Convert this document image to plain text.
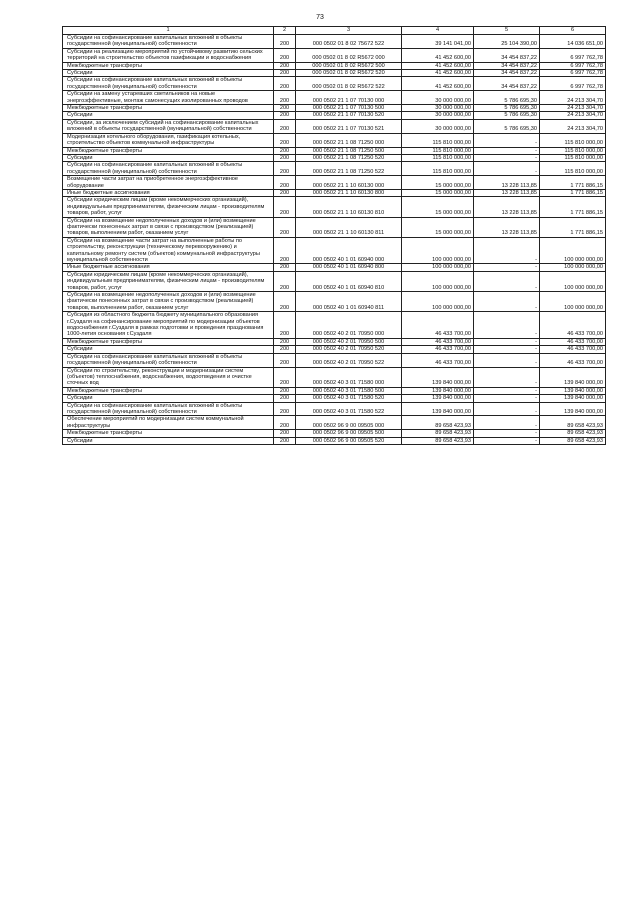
73
1	2	3	4	5	6
Субсидии на софинансирование капитальных вложений в объекты государственной (муниципальной) собственности	200	000 0502 01 8 02 75672 522	39 141 041,00	25 104 390,00	14 036 651,00
Субсидии на реализацию мероприятий по устойчивому развитию сельских территорий на строительство объектов газификации и водоснабжения	200	000 0502 01 8 02 R5672 000	41 452 600,00	34 454 837,22	6 997 762,78
Межбюджетные трансферты	200	000 0502 01 8 02 R5672 500	41 452 600,00	34 454 837,22	6 997 762,78
Субсидии	200	000 0502 01 8 02 R5672 520	41 452 600,00	34 454 837,22	6 997 762,78
Субсидии на софинансирование капитальных вложений в объекты государственной (муниципальной) собственности	200	000 0502 01 8 02 R5672 522	41 452 600,00	34 454 837,22	6 997 762,78
Субсидии на замену устаревших светильников на новые энергоэффективные, монтаж самонесущих изолированных проводов	200	000 0502 21 1 07 70130 000	30 000 000,00	5 786 695,30	24 213 304,70
Межбюджетные трансферты	200	000 0502 21 1 07 70130 500	30 000 000,00	5 786 695,30	24 213 304,70
Субсидии	200	000 0502 21 1 07 70130 520	30 000 000,00	5 786 695,30	24 213 304,70
Субсидии, за исключением субсидий на софинансирование капитальных вложений в объекты государственной (муниципальной) собственности	200	000 0502 21 1 07 70130 521	30 000 000,00	5 786 695,30	24 213 304,70
Модернизация котельного оборудования, газификация котельных, строительство объектов коммунальной инфраструктуры	200	000 0502 21 1 08 71250 000	115 810 000,00	-	115 810 000,00
Межбюджетные трансферты	200	000 0502 21 1 08 71250 500	115 810 000,00	-	115 810 000,00
Субсидии	200	000 0502 21 1 08 71250 520	115 810 000,00	-	115 810 000,00
Субсидии на софинансирование капитальных вложений в объекты государственной (муниципальной) собственности	200	000 0502 21 1 08 71250 522	115 810 000,00	-	115 810 000,00
Возмещение части затрат на приобретенное энергоэффективное оборудование	200	000 0502 21 1 10 60130 000	15 000 000,00	13 228 113,85	1 771 886,15
Иные бюджетные ассигнования	200	000 0502 21 1 10 60130 800	15 000 000,00	13 228 113,85	1 771 886,15
Субсидии юридическим лицам (кроме некоммерческих организаций), индивидуальным предпринимателям, физическим лицам - производителям товаров, работ, услуг	200	000 0502 21 1 10 60130 810	15 000 000,00	13 228 113,85	1 771 886,15
Субсидии на возмещение недополученных доходов и (или) возмещение фактически понесенных затрат в связи с производством (реализацией) товаров, выполнением работ, оказанием услуг	200	000 0502 21 1 10 60130 811	15 000 000,00	13 228 113,85	1 771 886,15
Субсидии на возмещение части затрат на выполненные работы по строительству, реконструкции (техническому перевооружению) и капитальному ремонту систем (объектов) коммунальной инфраструктуры муниципальной собственности	200	000 0502 40 1 01 60940 000	100 000 000,00	-	100 000 000,00
Иные бюджетные ассигнования	200	000 0502 40 1 01 60940 800	100 000 000,00	-	100 000 000,00
Субсидии юридическим лицам (кроме некоммерческих организаций), индивидуальным предпринимателям, физическим лицам - производителям товаров, работ, услуг	200	000 0502 40 1 01 60940 810	100 000 000,00	-	100 000 000,00
Субсидии на возмещение недополученных доходов и (или) возмещение фактически понесенных затрат в связи с производством (реализацией) товаров, выполнением работ, оказанием услуг	200	000 0502 40 1 01 60940 811	100 000 000,00	-	100 000 000,00
Субсидия из областного бюджета бюджету муниципального образования г.Суздаля на софинансирование мероприятий по модернизации объектов водоснабжения г.Суздаля в рамках подготовки и проведения празднования 1000-летия основания г.Суздаля	200	000 0502 40 2 01 70950 000	46 433 700,00	-	46 433 700,00
Межбюджетные трансферты	200	000 0502 40 2 01 70950 500	46 433 700,00	-	46 433 700,00
Субсидии	200	000 0502 40 2 01 70950 520	46 433 700,00	-	46 433 700,00
Субсидии на софинансирование капитальных вложений в объекты государственной (муниципальной) собственности	200	000 0502 40 2 01 70950 522	46 433 700,00	-	46 433 700,00
Субсидии по строительству, реконструкции и модернизации систем (объектов) теплоснабжения, водоснабжения, водоотведения и очистке сточных вод	200	000 0502 40 3 01 71580 000	139 840 000,00	-	139 840 000,00
Межбюджетные трансферты	200	000 0502 40 3 01 71580 500	139 840 000,00	-	139 840 000,00
Субсидии	200	000 0502 40 3 01 71580 520	139 840 000,00	-	139 840 000,00
Субсидии на софинансирование капитальных вложений в объекты государственной (муниципальной) собственности	200	000 0502 40 3 01 71580 522	139 840 000,00	-	139 840 000,00
Обеспечение мероприятий по модернизации систем коммунальной инфраструктуры	200	000 0502 96 9 00 09505 000	89 658 423,93	-	89 658 423,93
Межбюджетные трансферты	200	000 0502 96 9 00 09505 500	89 658 423,93	-	89 658 423,93
Субсидии	200	000 0502 96 9 00 09505 520	89 658 423,93	-	89 658 423,93
